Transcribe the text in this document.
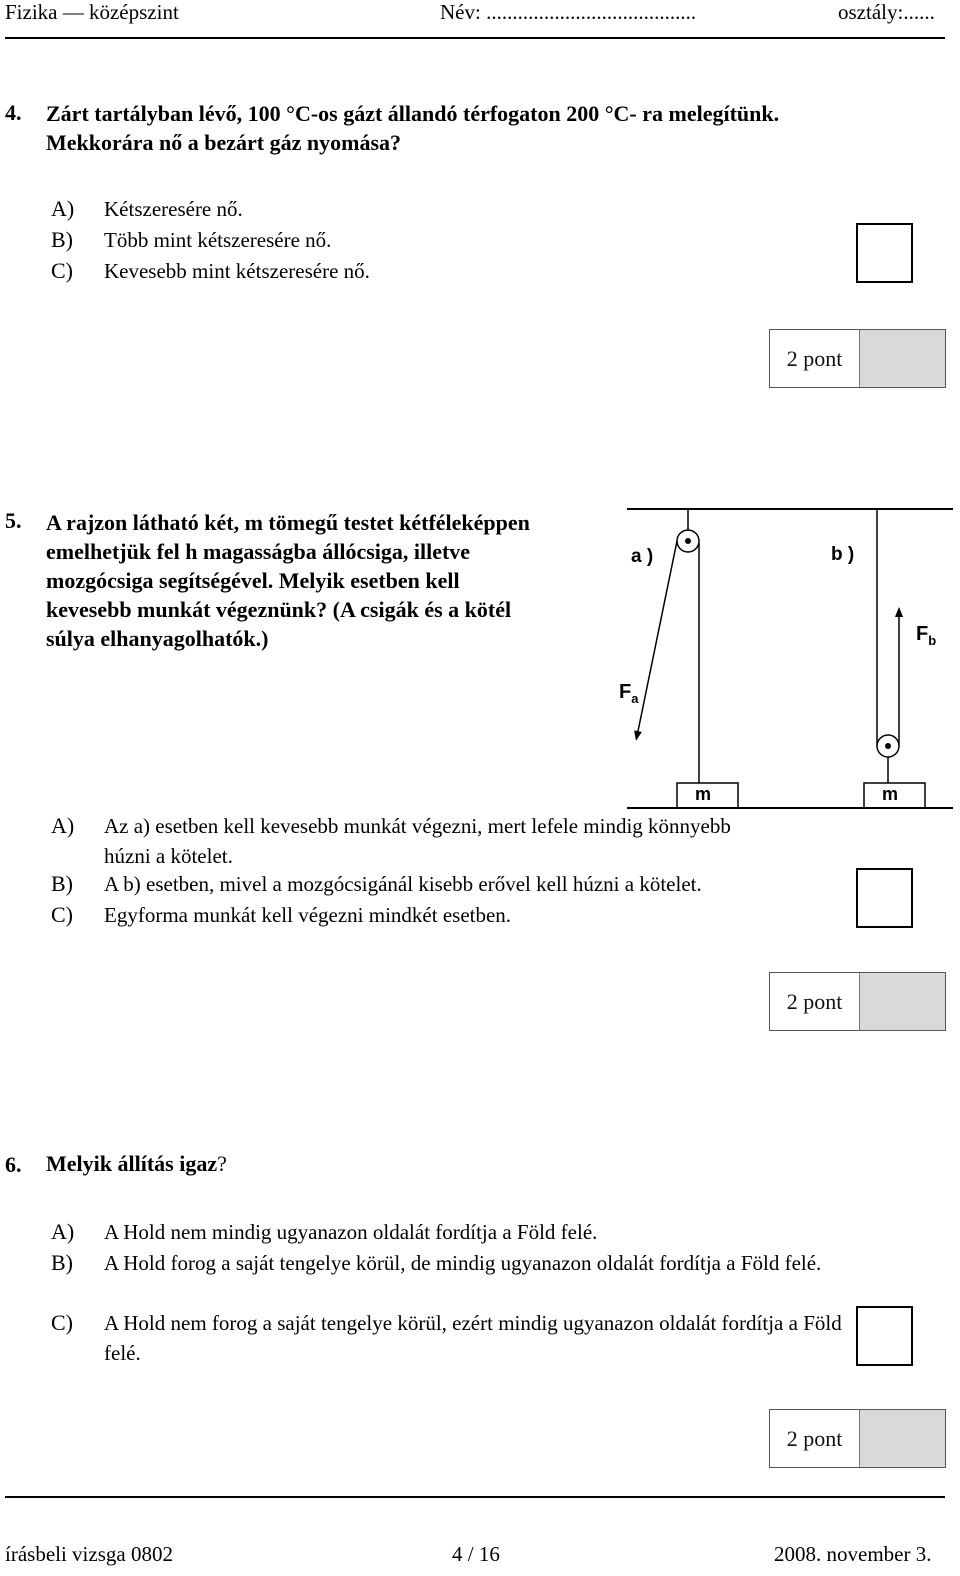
Fizika — középszint	Név: ........................................	osztály:......
4. Zárt tartályban lévő, 100 °C-os gázt állandó térfogaton 200 °C- ra melegítünk.
Mekkorára nő a bezárt gáz nyomása?
A) Kétszeresére nő.
B) Több mint kétszeresére nő.
C) Kevesebb mint kétszeresére nő.
2 pont
5. A rajzon látható két, m tömegű testet kétféleképpen
emelhetjük fel h magasságba állócsiga, illetve
mozgócsiga segítségével. Melyik esetben kell
kevesebb munkát végeznünk? (A csigák és a kötél
súlya elhanyagolhatók.)
a )	b )
$F_a$
$F_b$
m	m
A) Az a) esetben kell kevesebb munkát végezni, mert lefele mindig könnyebb húzni a kötelet.
B) A b) esetben, mivel a mozgócsigánál kisebb erővel kell húzni a kötelet.
C) Egyforma munkát kell végezni mindkét esetben.
2 pont
6. Melyik állítás igaz?
A) A Hold nem mindig ugyanazon oldalát fordítja a Föld felé.
B) A Hold forog a saját tengelye körül, de mindig ugyanazon oldalát fordítja a Föld felé.
C) A Hold nem forog a saját tengelye körül, ezért mindig ugyanazon oldalát fordítja a Föld felé.
2 pont
írásbeli vizsga 0802	4 / 16	2008. november 3.
